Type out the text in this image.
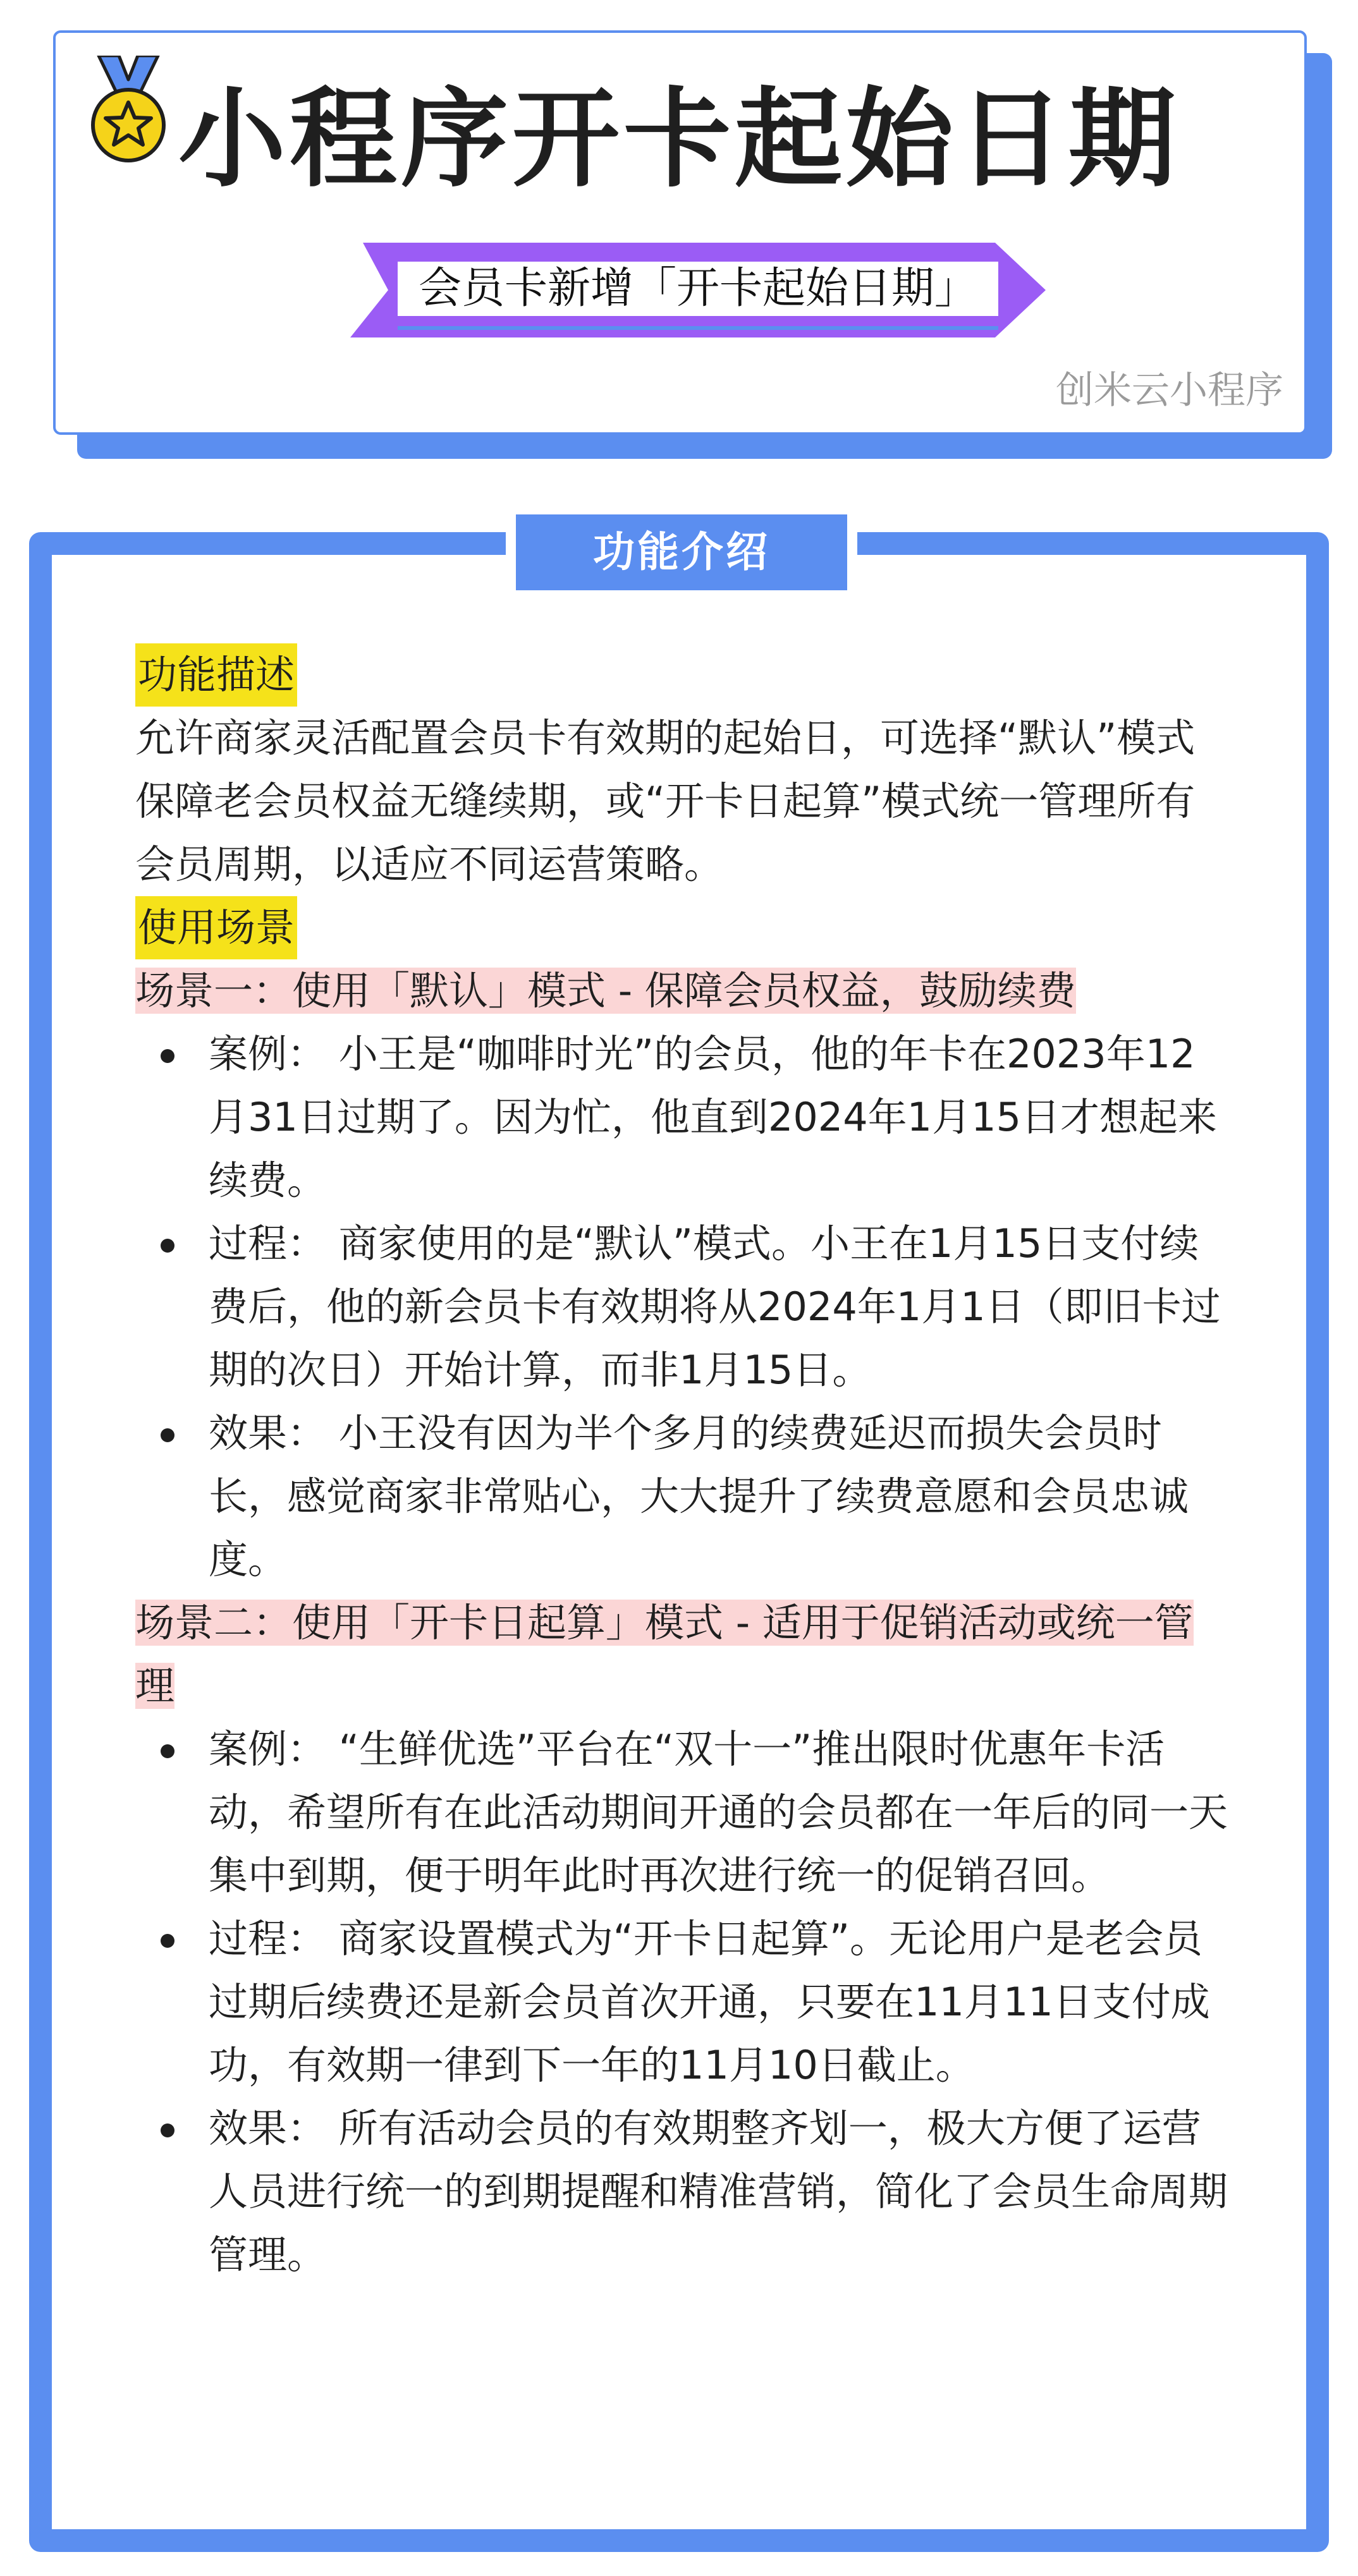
小程序开卡起始日期
会员卡新增「开卡起始日期」
创米云小程序
功能介绍
功能描述

允许商家灵活配置会员卡有效期的起始日，可选择“默认”模式保障老会员权益无缝续期，或“开卡日起算”模式统一管理所有会员周期，以适应不同运营策略。

使用场景

场景一：使用「默认」模式 - 保障会员权益，鼓励续费

案例： 小王是“咖啡时光”的会员，他的年卡在2023年12月31日过期了。因为忙，他直到2024年1月15日才想起来续费。
过程： 商家使用的是“默认”模式。小王在1月15日支付续费后，他的新会员卡有效期将从2024年1月1日（即旧卡过期的次日）开始计算，而非1月15日。
效果： 小王没有因为半个多月的续费延迟而损失会员时长，感觉商家非常贴心，大大提升了续费意愿和会员忠诚度。

场景二：使用「开卡日起算」模式 - 适用于促销活动或统一管理

案例： “生鲜优选”平台在“双十一”推出限时优惠年卡活动，希望所有在此活动期间开通的会员都在一年后的同一天集中到期，便于明年此时再次进行统一的促销召回。
过程： 商家设置模式为“开卡日起算”。无论用户是老会员过期后续费还是新会员首次开通，只要在11月11日支付成功，有效期一律到下一年的11月10日截止。
效果： 所有活动会员的有效期整齐划一，极大方便了运营人员进行统一的到期提醒和精准营销，简化了会员生命周期管理。
